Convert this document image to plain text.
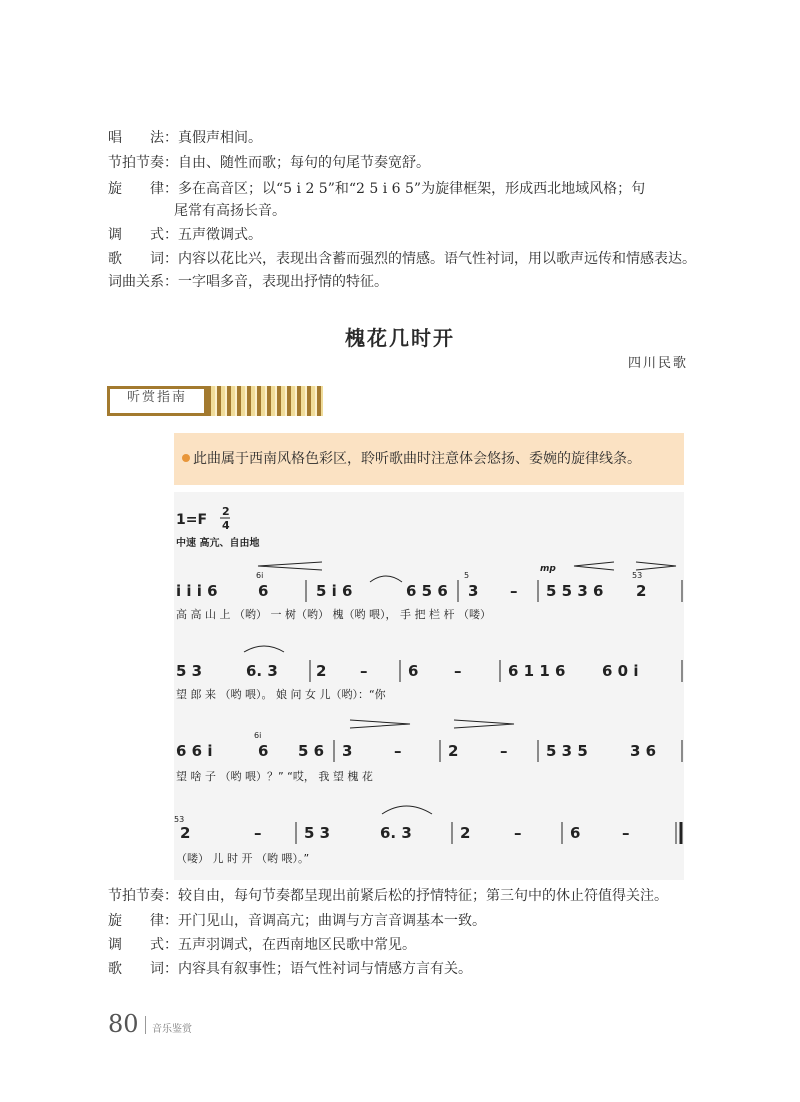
唱　　法：真假声相间。
节拍节奏：自由、随性而歌；每句的句尾节奏宽舒。
旋　　律：多在高音区；以“5 i 2 5”和“2 5 i 6 5”为旋律框架，形成西北地域风格；句
尾常有高扬长音。
调　　式：五声徵调式。
歌　　词：内容以花比兴，表现出含蓄而强烈的情感。语气性衬词，用以歌声远传和情感表达。
词曲关系：一字唱多音，表现出抒情的特征。
槐花几时开
四川民歌
听赏指南
此曲属于西南风格色彩区，聆听歌曲时注意体会悠扬、委婉的旋律线条。
1=F
2
4
中速 高亢、自由地
mp
i i i 6
6i
6	5 i 6	6 5 6
5
3 – 5 5 3 6
53
2
高 高 山 上 （哟） 一 树（哟） 槐（哟 喂）， 手 把 栏 杆 （喽）
5 3	6. 3	2 –	6 –	6 1 1 6 6 0 i
望 郎 来 （哟 喂）。 娘 问 女 儿（哟）：“你
6 6 i
6i
6 5 6 3	–	2	–	5 3 5	3 6
望 啥 子 （哟 喂）？” “哎， 我 望 槐 花
53
2	–	5 3	6. 3	2	–	6	–
（喽） 儿 时 开 （哟 喂）。”
节拍节奏：较自由，每句节奏都呈现出前紧后松的抒情特征；第三句中的休止符值得关注。
旋　　律：开门见山，音调高亢；曲调与方言音调基本一致。
调　　式：五声羽调式，在西南地区民歌中常见。
歌　　词：内容具有叙事性；语气性衬词与情感方言有关。
80 音乐鉴赏
